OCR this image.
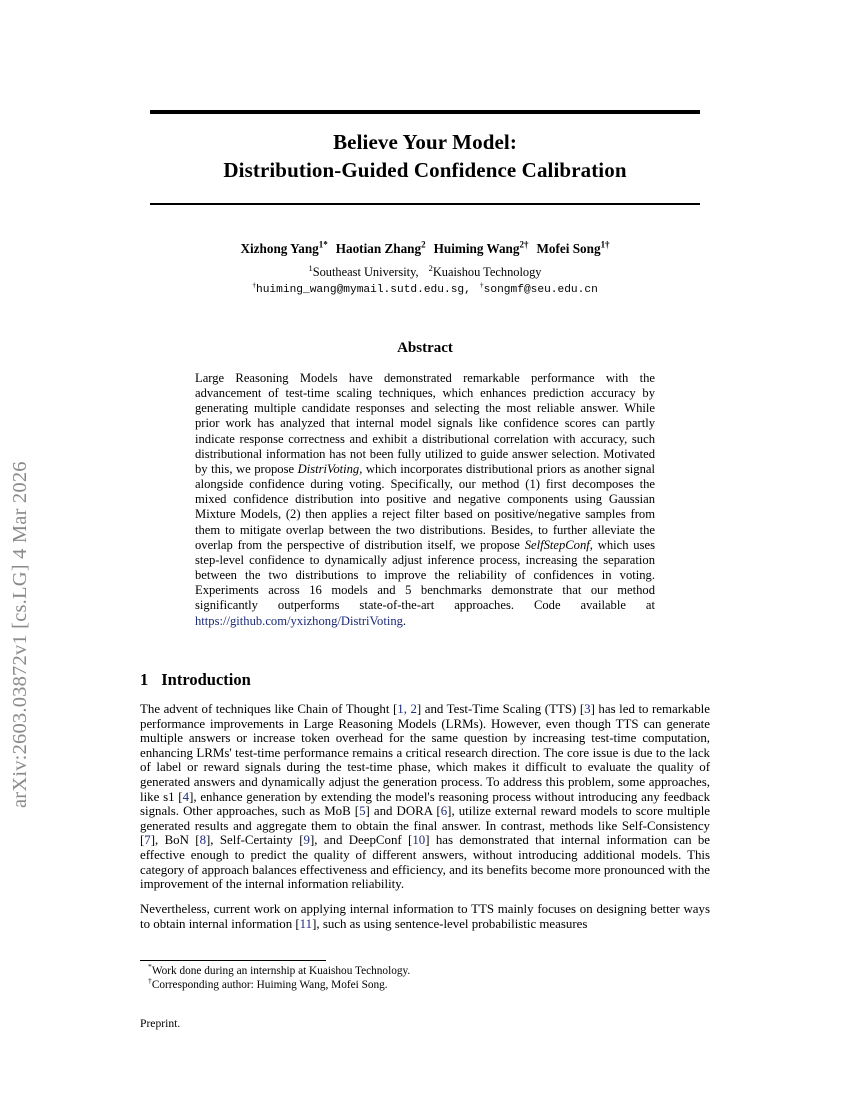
arXiv:2603.03872v1 [cs.LG] 4 Mar 2026
Believe Your Model:
Distribution-Guided Confidence Calibration
Xizhong Yang$^{1*}$ Haotian Zhang$^2$ Huiming Wang$^{2\dagger}$ Mofei Song$^{1\dagger}$
$^1$Southeast University, $^2$Kuaishou Technology
†huiming_wang@mymail.sutd.edu.sg, †songmf@seu.edu.cn
Abstract
Large Reasoning Models have demonstrated remarkable performance with the advancement of test-time scaling techniques, which enhances prediction accuracy by generating multiple candidate responses and selecting the most reliable answer. While prior work has analyzed that internal model signals like confidence scores can partly indicate response correctness and exhibit a distributional correlation with accuracy, such distributional information has not been fully utilized to guide answer selection. Motivated by this, we propose DistriVoting, which incorporates distributional priors as another signal alongside confidence during voting. Specifically, our method (1) first decomposes the mixed confidence distribution into positive and negative components using Gaussian Mixture Models, (2) then applies a reject filter based on positive/negative samples from them to mitigate overlap between the two distributions. Besides, to further alleviate the overlap from the perspective of distribution itself, we propose SelfStepConf, which uses step-level confidence to dynamically adjust inference process, increasing the separation between the two distributions to improve the reliability of confidences in voting. Experiments across 16 models and 5 benchmarks demonstrate that our method significantly outperforms state-of-the-art approaches. Code available at https://github.com/yxizhong/DistriVoting.
1 Introduction

The advent of techniques like Chain of Thought [1, 2] and Test-Time Scaling (TTS) [3] has led to remarkable performance improvements in Large Reasoning Models (LRMs). However, even though TTS can generate multiple answers or increase token overhead for the same question by increasing test-time computation, enhancing LRMs' test-time performance remains a critical research direction. The core issue is due to the lack of label or reward signals during the test-time phase, which makes it difficult to evaluate the quality of generated answers and dynamically adjust the generation process. To address this problem, some approaches, like s1 [4], enhance generation by extending the model's reasoning process without introducing any feedback signals. Other approaches, such as MoB [5] and DORA [6], utilize external reward models to score multiple generated results and aggregate them to obtain the final answer. In contrast, methods like Self-Consistency [7], BoN [8], Self-Certainty [9], and DeepConf [10] has demonstrated that internal information can be effective enough to predict the quality of different answers, without introducing additional models. This category of approach balances effectiveness and efficiency, and its benefits become more pronounced with the improvement of the internal information reliability.

Nevertheless, current work on applying internal information to TTS mainly focuses on designing better ways to obtain internal information [11], such as using sentence-level probabilistic measures

*Work done during an internship at Kuaishou Technology.
†Corresponding author: Huiming Wang, Mofei Song.
Preprint.
